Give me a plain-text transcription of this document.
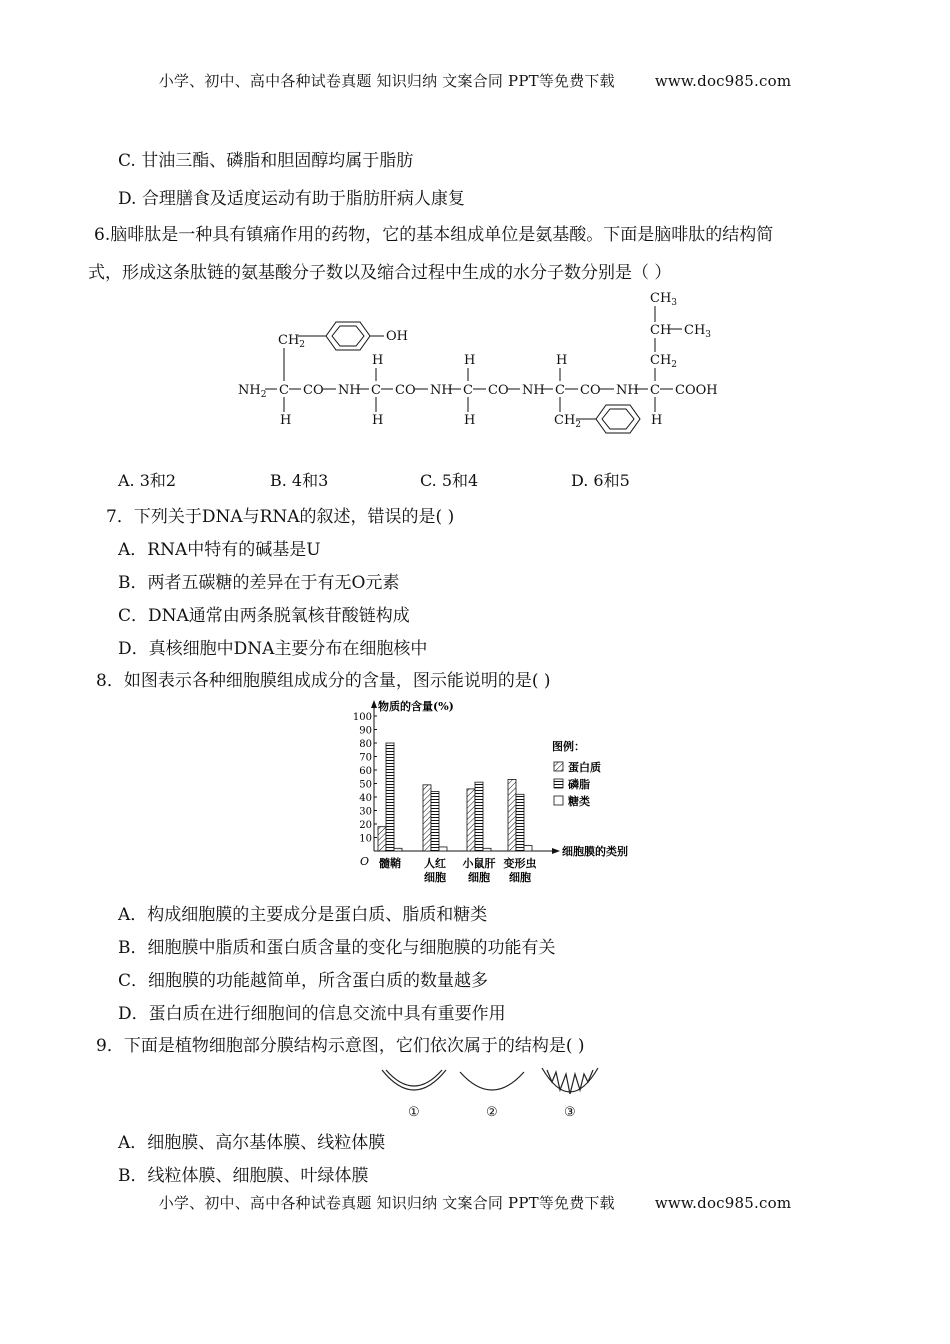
小学、初中、高中各种试卷真题 知识归纳 文案合同 PPT等免费下载	www.doc985.com
C. 甘油三酯、磷脂和胆固醇均属于脂肪
D. 合理膳食及适度运动有助于脂肪肝病人康复
6.脑啡肽是一种具有镇痛作用的药物，它的基本组成单位是氨基酸。下面是脑啡肽的结构简
式，形成这条肽链的氨基酸分子数以及缩合过程中生成的水分子数分别是（ ）
$NH_2$ C CO NH C CO NH C CO NH C CO NH C COOH
H
H
H
H
H
H
H
$CH_2$
OH
$CH_2$
$CH_3$
CH $CH_3$
$CH_2$
A. 3和2	B. 4和3	C. 5和4	D. 6和5
7．下列关于DNA与RNA的叙述，错误的是( )
A．RNA中特有的碱基是U
B．两者五碳糖的差异在于有无O元素
C．DNA通常由两条脱氧核苷酸链构成
D．真核细胞中DNA主要分布在细胞核中
8．如图表示各种细胞膜组成成分的含量，图示能说明的是( )
物质的含量(%)
细胞膜的类别
O
10
20
30
40
50
60
70
80
90
100
髓鞘 人红
细胞
小鼠肝
细胞
变形虫
细胞
图例：
蛋白质
磷脂
糖类
A．构成细胞膜的主要成分是蛋白质、脂质和糖类
B．细胞膜中脂质和蛋白质含量的变化与细胞膜的功能有关
C．细胞膜的功能越简单，所含蛋白质的数量越多
D．蛋白质在进行细胞间的信息交流中具有重要作用
9．下面是植物细胞部分膜结构示意图，它们依次属于的结构是( )
①	②	③
A．细胞膜、高尔基体膜、线粒体膜
B．线粒体膜、细胞膜、叶绿体膜
小学、初中、高中各种试卷真题 知识归纳 文案合同 PPT等免费下载	www.doc985.com
